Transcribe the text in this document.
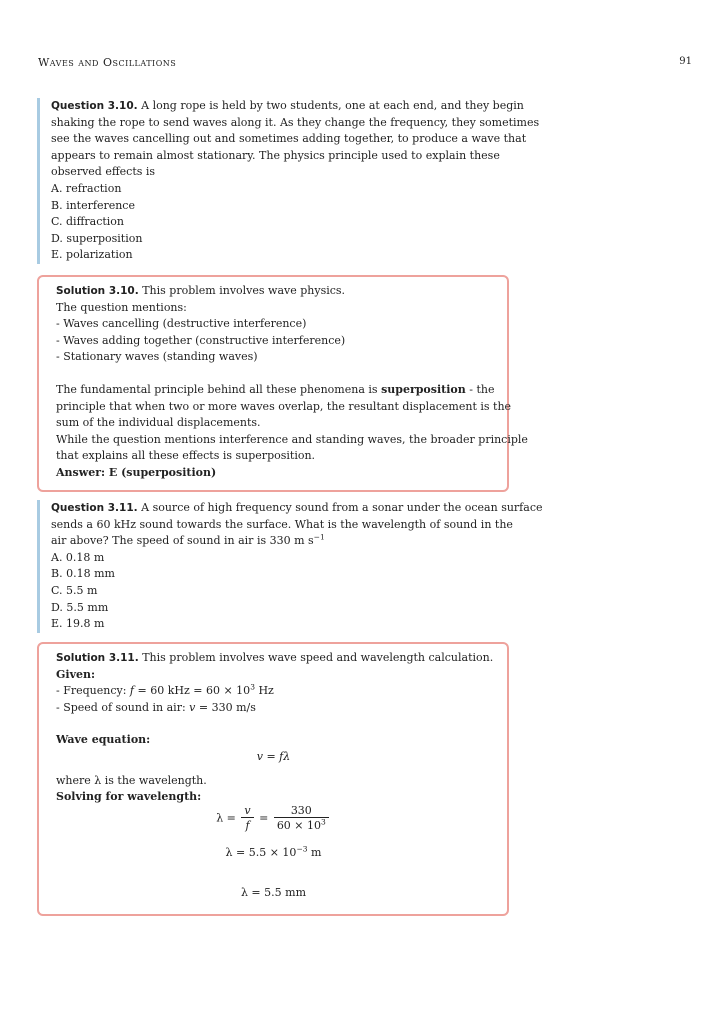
Waves and Oscillations	91
Question 3.10. A long rope is held by two students, one at each end, and they begin
shaking the rope to send waves along it. As they change the frequency, they sometimes
see the waves cancelling out and sometimes adding together, to produce a wave that
appears to remain almost stationary. The physics principle used to explain these
observed effects is
A. refraction
B. interference
C. diffraction
D. superposition
E. polarization
Solution 3.10. This problem involves wave physics.
The question mentions:
- Waves cancelling (destructive interference)
- Waves adding together (constructive interference)
- Stationary waves (standing waves)
The fundamental principle behind all these phenomena is superposition - the
principle that when two or more waves overlap, the resultant displacement is the
sum of the individual displacements.
While the question mentions interference and standing waves, the broader principle
that explains all these effects is superposition.
Answer: E (superposition)
Question 3.11. A source of high frequency sound from a sonar under the ocean surface
sends a 60 kHz sound towards the surface. What is the wavelength of sound in the
air above? The speed of sound in air is 330 m $s^{-1}$
A. 0.18 m
B. 0.18 mm
C. 5.5 m
D. 5.5 mm
E. 19.8 m
Solution 3.11. This problem involves wave speed and wavelength calculation.
Given:
- Frequency: f = 60 kHz = $60 \times 10^3$ Hz
- Speed of sound in air: v = 330 m/s
Wave equation:
v = fλ
where λ is the wavelength.
Solving for wavelength:
$\lambda = \frac{v}{f} = \frac{330}{60 \times 10^3}$
$\lambda = 5.5 \times 10^{-3}$ m
λ = 5.5 mm
